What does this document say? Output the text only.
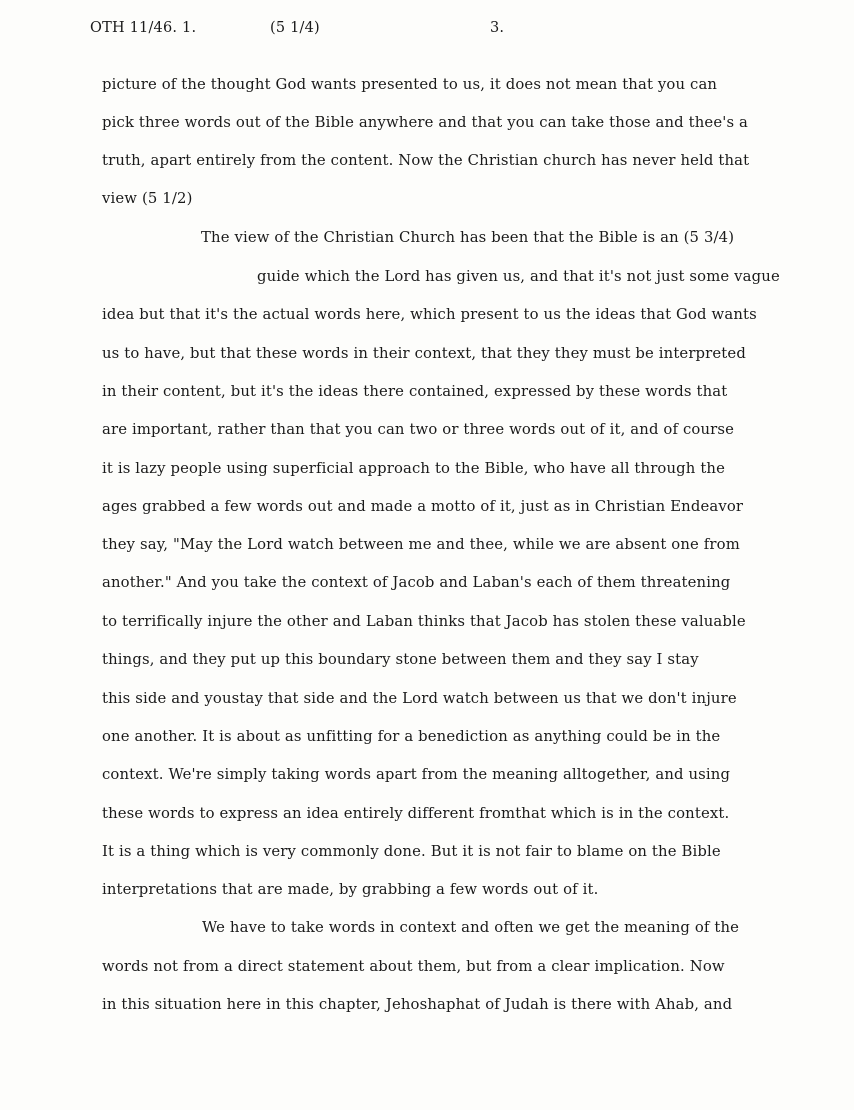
OTH 11/46. 1.	(5 1/4)	3.
picture of the thought God wants presented to us, it does not mean that you can
pick three words out of the Bible anywhere and that you can take those and thee's a
truth, apart entirely from the content. Now the Christian church has never held that
view (5 1/2)
The view of the Christian Church has been that the Bible is an (5 3/4)
guide which the Lord has given us, and that it's not just some vague
idea but that it's the actual words here, which present to us the ideas that God wants
us to have, but that these words in their context, that they they must be interpreted
in their content, but it's the ideas there contained, expressed by these words that
are important, rather than that you can two or three words out of it, and of course
it is lazy people using superficial approach to the Bible, who have all through the
ages grabbed a few words out and made a motto of it, just as in Christian Endeavor
they say, "May the Lord watch between me and thee, while we are absent one from
another." And you take the context of Jacob and Laban's each of them threatening
to terrifically injure the other and Laban thinks that Jacob has stolen these valuable
things, and they put up this boundary stone between them and they say I stay
this side and youstay that side and the Lord watch between us that we don't injure
one another. It is about as unfitting for a benediction as anything could be in the
context. We're simply taking words apart from the meaning alltogether, and using
these words to express an idea entirely different fromthat which is in the context.
It is a thing which is very commonly done. But it is not fair to blame on the Bible
interpretations that are made, by grabbing a few words out of it.
We have to take words in context and often we get the meaning of the
words not from a direct statement about them, but from a clear implication. Now
in this situation here in this chapter, Jehoshaphat of Judah is there with Ahab, and
